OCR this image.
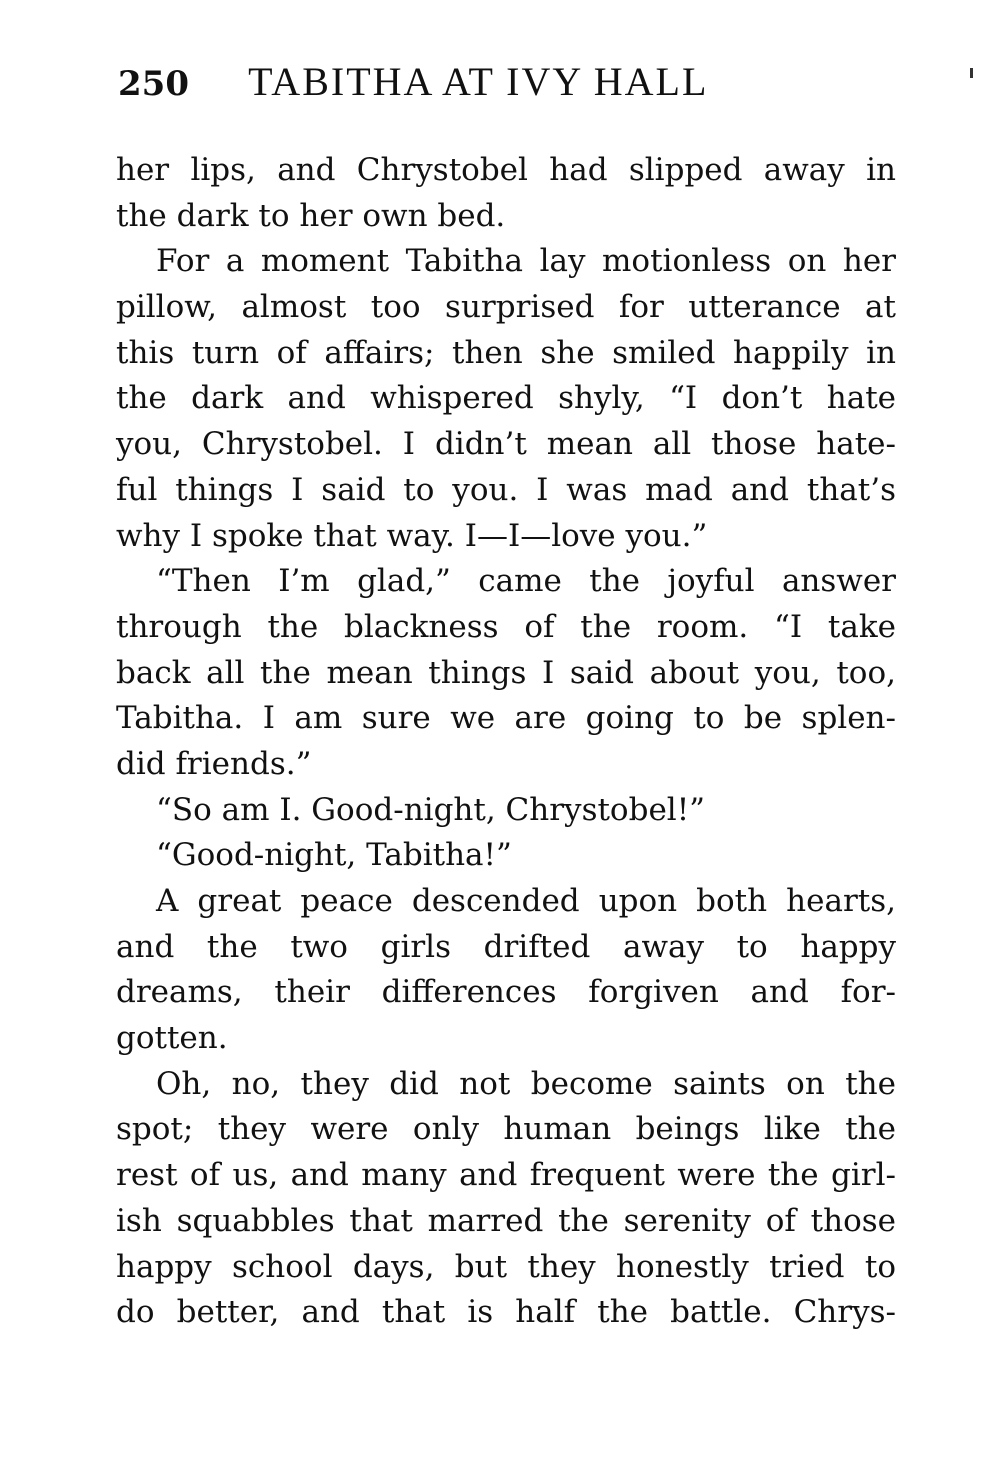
250 TABITHA AT IVY HALL
her lips, and Chrystobel had slipped away in
the dark to her own bed.
For a moment Tabitha lay motionless on her
pillow, almost too surprised for utterance at
this turn of affairs; then she smiled happily in
the dark and whispered shyly, “I don’t hate
you, Chrystobel. I didn’t mean all those hate-
ful things I said to you. I was mad and that’s
why I spoke that way. I—I—love you.”
“Then I’m glad,” came the joyful answer
through the blackness of the room. “I take
back all the mean things I said about you, too,
Tabitha. I am sure we are going to be splen-
did friends.”
“So am I. Good-night, Chrystobel!”
“Good-night, Tabitha!”
A great peace descended upon both hearts,
and the two girls drifted away to happy
dreams, their differences forgiven and for-
gotten.
Oh, no, they did not become saints on the
spot; they were only human beings like the
rest of us, and many and frequent were the girl-
ish squabbles that marred the serenity of those
happy school days, but they honestly tried to
do better, and that is half the battle. Chrys-
